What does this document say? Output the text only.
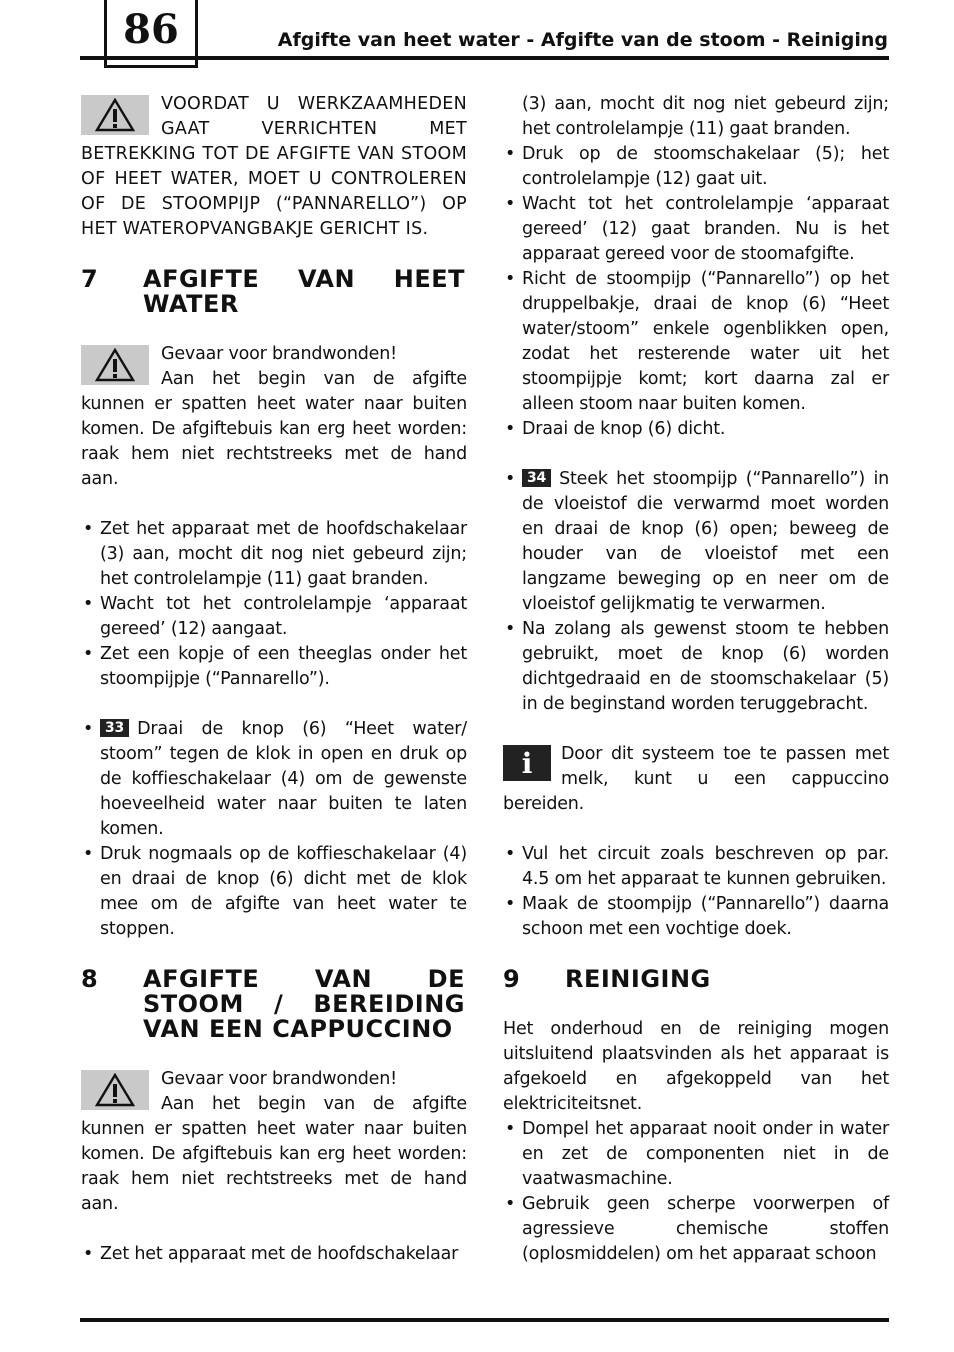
86	Afgifte van heet water - Afgifte van de stoom - Reiniging

VOORDAT U WERKZAAMHEDEN GAAT VERRICHTEN MET BETREKKING TOT DE AFGIFTE VAN STOOM OF HEET WATER, MOET U CONTROLEREN OF DE STOOMPIJP (“PANNARELLO”) OP HET WATEROPVANGBAKJE GERICHT IS.

7 AFGIFTE VAN HEET WATER

Gevaar voor brandwonden!

Aan het begin van de afgifte kunnen er spatten heet water naar buiten komen. De afgiftebuis kan erg heet worden: raak hem niet rechtstreeks met de hand aan.

• Zet het apparaat met de hoofdschakelaar (3) aan, mocht dit nog niet gebeurd zijn; het controlelampje (11) gaat branden.
• Wacht tot het controlelampje ‘apparaat gereed’ (12) aangaat.
• Zet een kopje of een theeglas onder het stoompijpje (“Pannarello”).
• 33 Draai de knop (6) “Heet water/ stoom” tegen de klok in open en druk op de koffieschakelaar (4) om de gewenste hoeveelheid water naar buiten te laten komen.
• Druk nogmaals op de koffieschakelaar (4) en draai de knop (6) dicht met de klok mee om de afgifte van heet water te stoppen.
8 AFGIFTE VAN DE STOOM / BEREIDING VAN EEN CAPPUCCINO

Gevaar voor brandwonden!

Aan het begin van de afgifte kunnen er spatten heet water naar buiten komen. De afgiftebuis kan erg heet worden: raak hem niet rechtstreeks met de hand aan.

• Zet het apparaat met de hoofdschakelaar

(3) aan, mocht dit nog niet gebeurd zijn; het controlelampje (11) gaat branden.

• Druk op de stoomschakelaar (5); het controlelampje (12) gaat uit.
• Wacht tot het controlelampje ‘apparaat gereed’ (12) gaat branden. Nu is het apparaat gereed voor de stoomafgifte.
• Richt de stoompijp (“Pannarello”) op het druppelbakje, draai de knop (6) “Heet water/stoom” enkele ogenblikken open, zodat het resterende water uit het stoompijpje komt; kort daarna zal er alleen stoom naar buiten komen.
• Draai de knop (6) dicht.
• 34 Steek het stoompijp (“Pannarello”) in de vloeistof die verwarmd moet worden en draai de knop (6) open; beweeg de houder van de vloeistof met een langzame beweging op en neer om de vloeistof gelijkmatig te verwarmen.
• Na zolang als gewenst stoom te hebben gebruikt, moet de knop (6) worden dichtgedraaid en de stoomschakelaar (5) in de beginstand worden teruggebracht.
i	Door dit systeem toe te passen met melk, kunt u een cappuccino bereiden.

• Vul het circuit zoals beschreven op par. 4.5 om het apparaat te kunnen gebruiken.
• Maak de stoompijp (“Pannarello”) daarna schoon met een vochtige doek.
9 REINIGING

Het onderhoud en de reiniging mogen uitsluitend plaatsvinden als het apparaat is afgekoeld en afgekoppeld van het elektriciteitsnet.

• Dompel het apparaat nooit onder in water en zet de componenten niet in de vaatwasmachine.
• Gebruik geen scherpe voorwerpen of agressieve chemische stoffen (oplosmiddelen) om het apparaat schoon
